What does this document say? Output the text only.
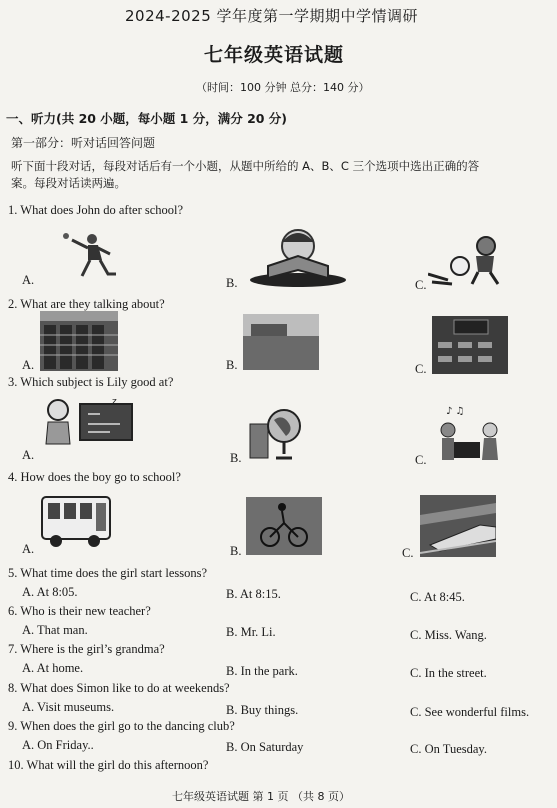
2024-2025 学年度第一学期期中学情调研
七年级英语试题
（时间：100 分钟 总分：140 分）
一、听力(共 20 小题，每小题 1 分，满分 20 分)
第一部分：听对话回答问题
听下面十段对话，每段对话后有一个小题，从题中所给的 A、B、C 三个选项中选出正确的答
案。每段对话读两遍。
1. What does John do after school?
A.	B.	C.
2. What are they talking about?
A.	B.	C.
3. Which subject is Lily good at?
A.	B.	C.
z
♪ ♫
4. How does the boy go to school?
A.	B.	C.
5. What time does the girl start lessons?
A. At 8:05.	B. At 8:15.	C. At 8:45.
6. Who is their new teacher?
A. That man.	B. Mr. Li.	C. Miss. Wang.
7. Where is the girl’s grandma?
A. At home.	B. In the park.	C. In the street.
8. What does Simon like to do at weekends?
A. Visit museums.	B. Buy things.	C. See wonderful films.
9. When does the girl go to the dancing club?
A. On Friday..	B. On Saturday	C. On Tuesday.
10. What will the girl do this afternoon?
七年级英语试题 第 1 页 （共 8 页）
